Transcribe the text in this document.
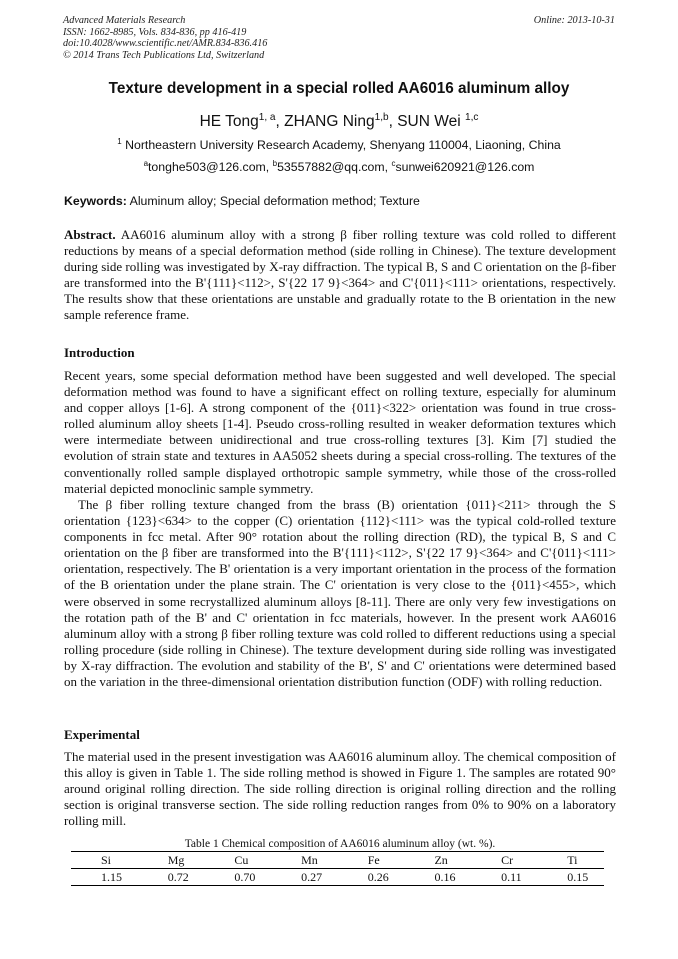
Advanced Materials Research
ISSN: 1662-8985, Vols. 834-836, pp 416-419
doi:10.4028/www.scientific.net/AMR.834-836.416
© 2014 Trans Tech Publications Ltd, Switzerland
Online: 2013-10-31
Texture development in a special rolled AA6016 aluminum alloy
HE Tong$^{1, a}$, ZHANG Ning$^{1,b}$, SUN Wei $^{1,c}$
$^1$ Northeastern University Research Academy, Shenyang 110004, Liaoning, China
$^a$tonghe503@126.com, $^b$53557882@qq.com, $^c$sunwei620921@126.com
Keywords: Aluminum alloy; Special deformation method; Texture
Abstract. AA6016 aluminum alloy with a strong β fiber rolling texture was cold rolled to different reductions by means of a special deformation method (side rolling in Chinese). The texture development during side rolling was investigated by X-ray diffraction. The typical B, S and C orientation on the β-fiber are transformed into the B'{111}<112>, S'{22 17 9}<364> and C'{011}<111> orientations, respectively. The results show that these orientations are unstable and gradually rotate to the B orientation in the new sample reference frame.
Introduction

Recent years, some special deformation method have been suggested and well developed. The special deformation method was found to have a significant effect on rolling texture, especially for aluminum and copper alloys [1-6]. A strong component of the {011}<322> orientation was found in true cross-rolled aluminum alloy sheets [1-4]. Pseudo cross-rolling resulted in weaker deformation textures which were intermediate between unidirectional and true cross-rolling textures [3]. Kim [7] studied the evolution of strain state and textures in AA5052 sheets during a special cross-rolling. The textures of the conventionally rolled sample displayed orthotropic sample symmetry, while those of the cross-rolled material depicted monoclinic sample symmetry.

The β fiber rolling texture changed from the brass (B) orientation {011}<211> through the S orientation {123}<634> to the copper (C) orientation {112}<111> was the typical cold-rolled texture components in fcc metal. After 90° rotation about the rolling direction (RD), the typical B, S and C orientation on the β fiber are transformed into the B'{111}<112>, S'{22 17 9}<364> and C'{011}<111> orientation, respectively. The B' orientation is a very important orientation in the process of the formation of the B orientation under the plane strain. The C' orientation is very close to the {011}<455>, which were observed in some recrystallized aluminum alloys [8-11]. There are only very few investigations on the rotation path of the B' and C' orientation in fcc materials, however. In the present work AA6016 aluminum alloy with a strong β fiber rolling texture was cold rolled to different reductions using a special rolling procedure (side rolling in Chinese). The texture development during side rolling was investigated by X-ray diffraction. The evolution and stability of the B', S' and C' orientations were determined based on the variation in the three-dimensional orientation distribution function (ODF) with rolling reduction.

Experimental

The material used in the present investigation was AA6016 aluminum alloy. The chemical composition of this alloy is given in Table 1. The side rolling method is showed in Figure 1. The samples are rotated 90° around original rolling direction. The side rolling direction is original rolling direction and the rolling section is original transverse section. The side rolling reduction ranges from 0% to 90% on a laboratory rolling mill.

Table 1 Chemical composition of AA6016 aluminum alloy (wt. %).
Si	Mg	Cu	Mn	Fe	Zn	Cr	Ti
1.15	0.72	0.70	0.27	0.26	0.16	0.11	0.15
